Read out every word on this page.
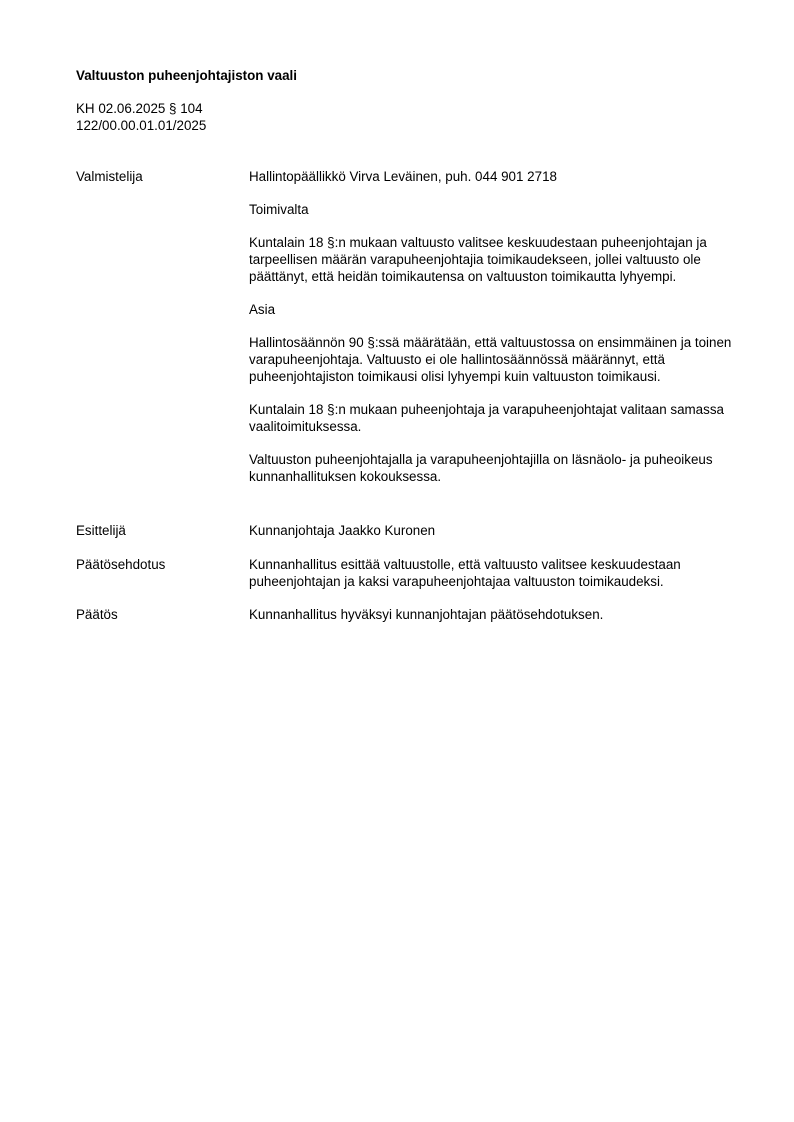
Valtuuston puheenjohtajiston vaali
KH 02.06.2025 § 104
122/00.00.01.01/2025
Valmistelija	Hallintopäällikkö Virva Leväinen, puh. 044 901 2718

Toimivalta

Kuntalain 18 §:n mukaan valtuusto valitsee keskuudestaan puheenjohtajan ja tarpeellisen määrän varapuheenjohtajia toimikaudekseen, jollei valtuusto ole päättänyt, että heidän toimikautensa on valtuuston toimikautta lyhyempi.

Asia

Hallintosäännön 90 §:ssä määrätään, että valtuustossa on ensimmäinen ja toinen varapuheenjohtaja. Valtuusto ei ole hallintosäännössä määrännyt, että puheenjohtajiston toimikausi olisi lyhyempi kuin valtuuston toimikausi.

Kuntalain 18 §:n mukaan puheenjohtaja ja varapuheenjohtajat valitaan samassa vaalitoimituksessa.

Valtuuston puheenjohtajalla ja varapuheenjohtajilla on läsnäolo- ja puheoikeus kunnanhallituksen kokouksessa.

Esittelijä	Kunnanjohtaja Jaakko Kuronen
Päätösehdotus	Kunnanhallitus esittää valtuustolle, että valtuusto valitsee keskuudestaan puheenjohtajan ja kaksi varapuheenjohtajaa valtuuston toimikaudeksi.
Päätös	Kunnanhallitus hyväksyi kunnanjohtajan päätösehdotuksen.
